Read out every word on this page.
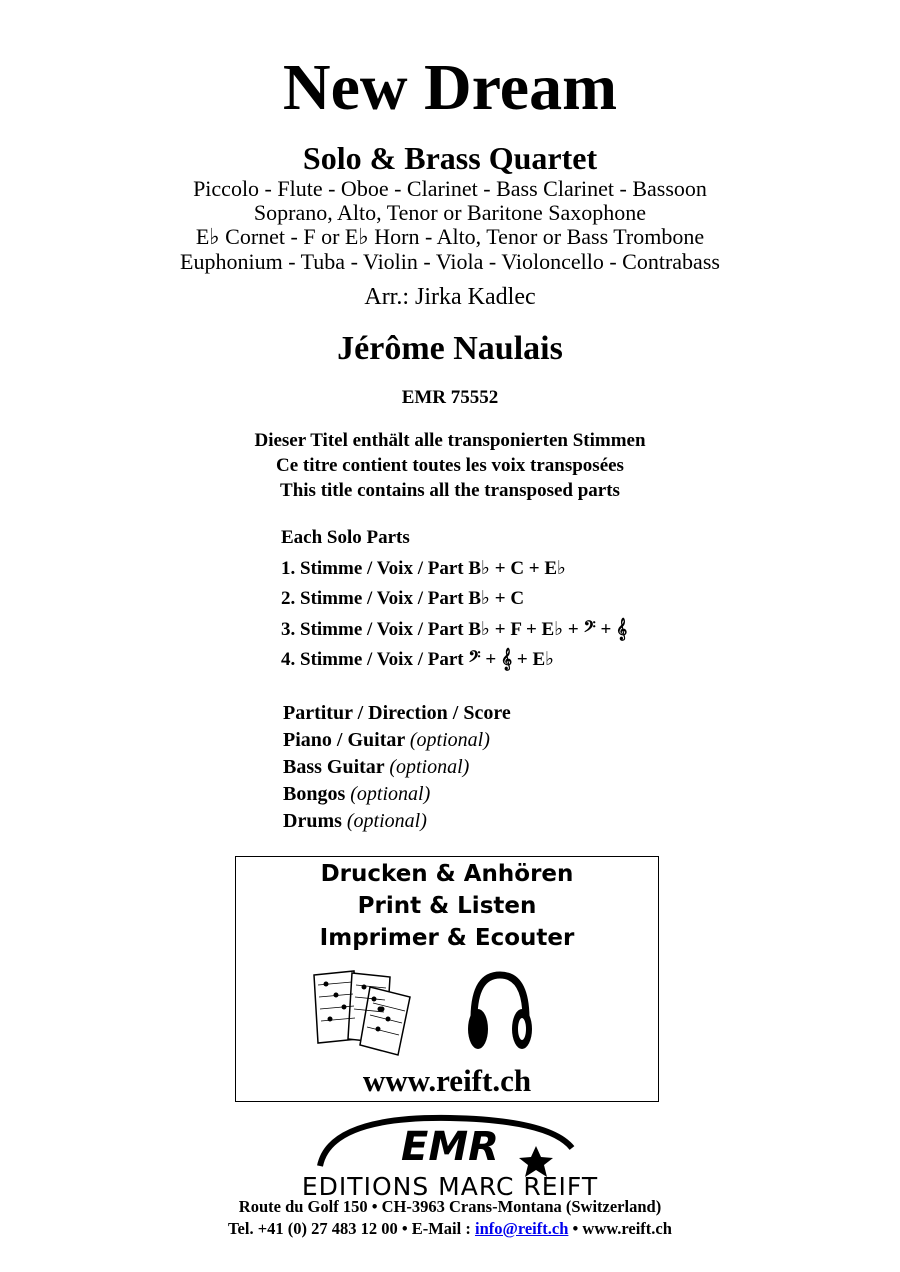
New Dream
Solo & Brass Quartet
Piccolo - Flute - Oboe - Clarinet - Bass Clarinet - Bassoon
Soprano, Alto, Tenor or Baritone Saxophone
E♭ Cornet - F or E♭ Horn - Alto, Tenor or Bass Trombone
Euphonium - Tuba - Violin - Viola - Violoncello - Contrabass
Arr.: Jirka Kadlec
Jérôme Naulais
EMR 75552
Dieser Titel enthält alle transponierten Stimmen
Ce titre contient toutes les voix transposées
This title contains all the transposed parts
Each Solo Parts
1. Stimme / Voix / Part B♭ + C + E♭
2. Stimme / Voix / Part B♭ + C
3. Stimme / Voix / Part B♭ + F + E♭ + 𝄢 + 𝄞
4. Stimme / Voix / Part 𝄢 + 𝄞 + E♭
Partitur / Direction / Score
Piano / Guitar (optional)
Bass Guitar (optional)
Bongos (optional)
Drums (optional)
Drucken & Anhören
Print & Listen
Imprimer & Ecouter
www.reift.ch
EMR
EDITIONS MARC REIFT
Route du Golf 150 • CH-3963 Crans-Montana (Switzerland)
Tel. +41 (0) 27 483 12 00 • E-Mail : info@reift.ch • www.reift.ch
